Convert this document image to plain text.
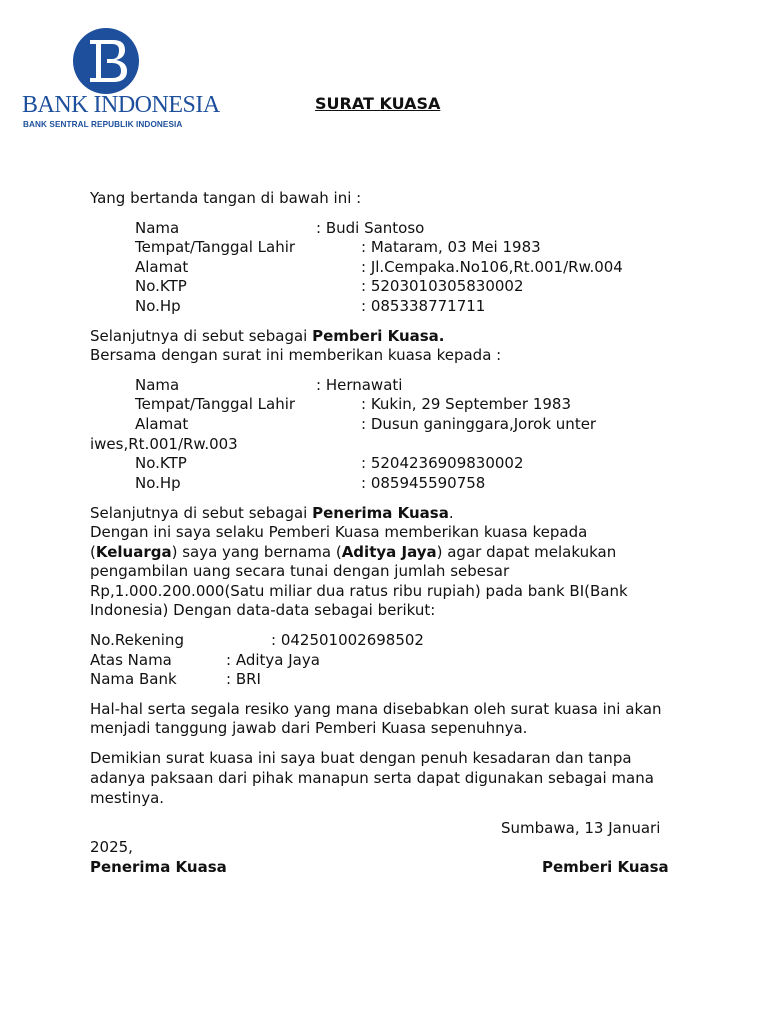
BANK INDONESIA
BANK SENTRAL REPUBLIK INDONESIA
SURAT KUASA
Yang bertanda tangan di bawah ini :
Nama	: Budi Santoso
Tempat/Tanggal Lahir	: Mataram, 03 Mei 1983
Alamat	: Jl.Cempaka.No106,Rt.001/Rw.004
No.KTP	: 5203010305830002
No.Hp	: 085338771711
Selanjutnya di sebut sebagai Pemberi Kuasa.
Bersama dengan surat ini memberikan kuasa kepada :
Nama	: Hernawati
Tempat/Tanggal Lahir	: Kukin, 29 September 1983
Alamat	: Dusun ganinggara,Jorok unter
iwes,Rt.001/Rw.003
No.KTP	: 5204236909830002
No.Hp	: 085945590758
Selanjutnya di sebut sebagai Penerima Kuasa.
Dengan ini saya selaku Pemberi Kuasa memberikan kuasa kepada
(Keluarga) saya yang bernama (Aditya Jaya) agar dapat melakukan
pengambilan uang secara tunai dengan jumlah sebesar
Rp,1.000.200.000(Satu miliar dua ratus ribu rupiah) pada bank BI(Bank
Indonesia) Dengan data-data sebagai berikut:
No.Rekening	: 042501002698502
Atas Nama	: Aditya Jaya
Nama Bank	: BRI
Hal-hal serta segala resiko yang mana disebabkan oleh surat kuasa ini akan
menjadi tanggung jawab dari Pemberi Kuasa sepenuhnya.
Demikian surat kuasa ini saya buat dengan penuh kesadaran dan tanpa
adanya paksaan dari pihak manapun serta dapat digunakan sebagai mana
mestinya.
Sumbawa, 13 Januari
2025,
Penerima Kuasa	Pemberi Kuasa
